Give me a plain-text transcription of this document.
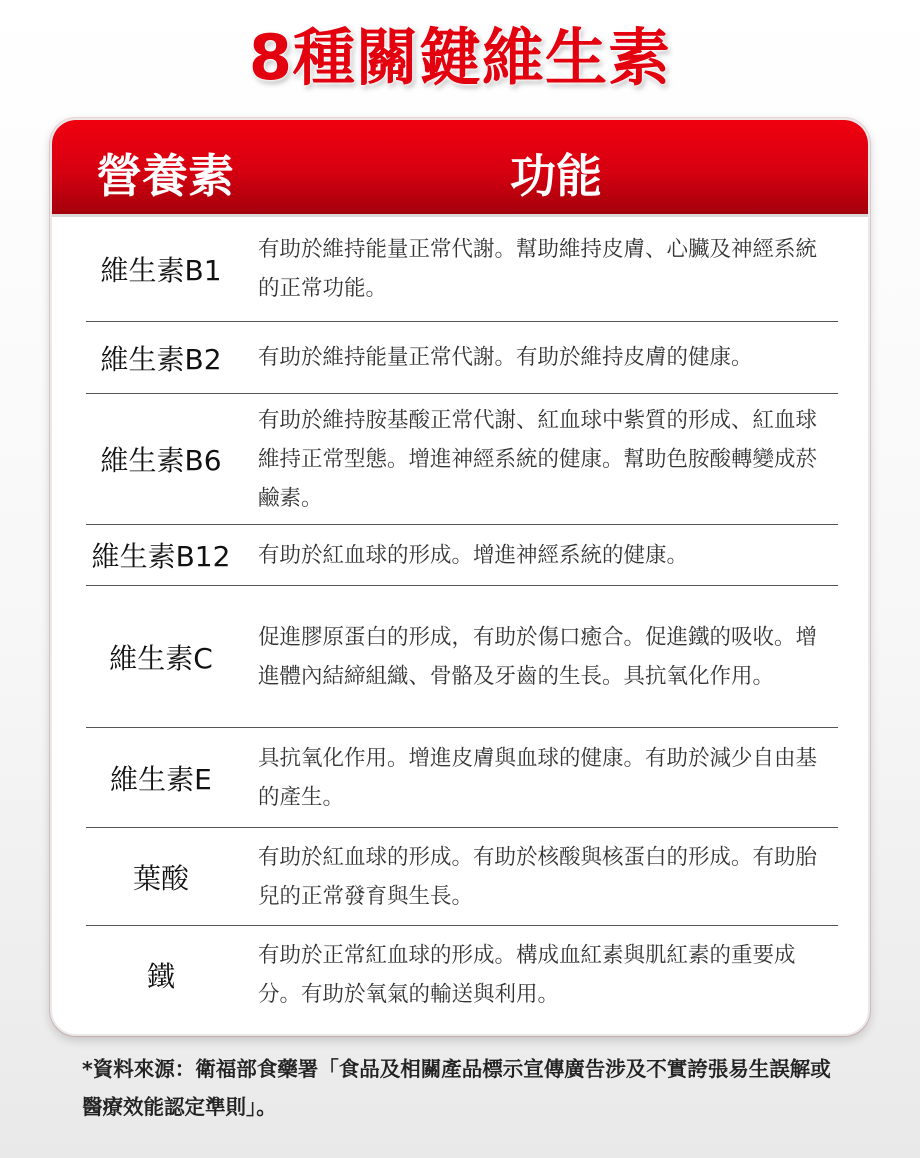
8種關鍵維生素
營養素	功能
維生素B1
有助於維持能量正常代謝。幫助維持皮膚、心臟及神經系統的正常功能。
維生素B2	有助於維持能量正常代謝。有助於維持皮膚的健康。
維生素B6
有助於維持胺基酸正常代謝、紅血球中紫質的形成、紅血球維持正常型態。增進神經系統的健康。幫助色胺酸轉變成菸鹼素。
維生素B12 有助於紅血球的形成。增進神經系統的健康。
維生素C
促進膠原蛋白的形成，有助於傷口癒合。促進鐵的吸收。增進體內結締組織、骨骼及牙齒的生長。具抗氧化作用。
維生素E
具抗氧化作用。增進皮膚與血球的健康。有助於減少自由基的產生。
葉酸
有助於紅血球的形成。有助於核酸與核蛋白的形成。有助胎兒的正常發育與生長。
鐵
有助於正常紅血球的形成。構成血紅素與肌紅素的重要成分。有助於氧氣的輸送與利用。
*資料來源：衛福部食藥署「食品及相關產品標示宣傳廣告涉及不實誇張易生誤解或醫療效能認定準則」。
